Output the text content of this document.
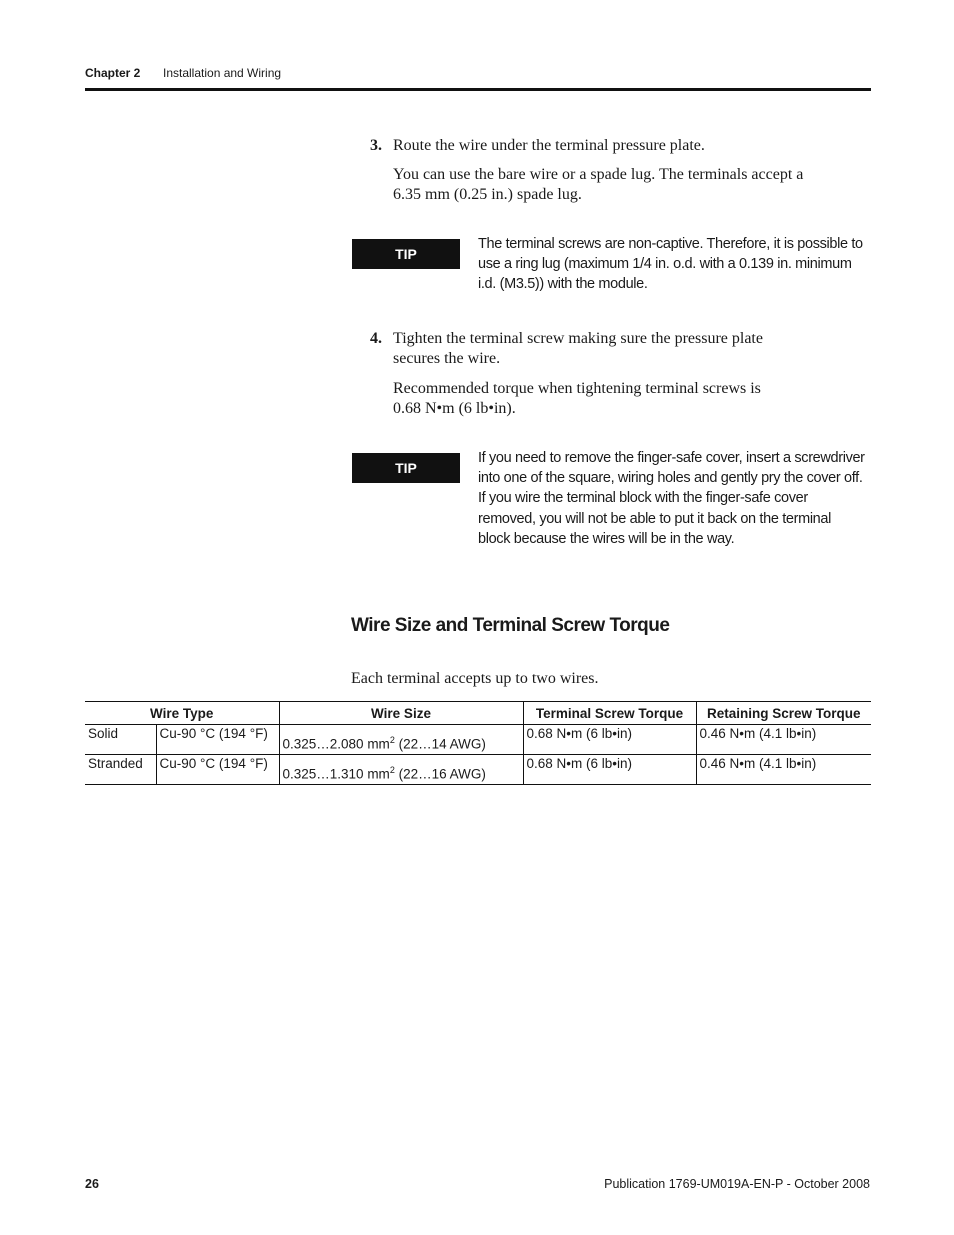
Chapter 2 Installation and Wiring
3. Route the wire under the terminal pressure plate.
You can use the bare wire or a spade lug. The terminals accept a
6.35 mm (0.25 in.) spade lug.
TIP
The terminal screws are non-captive. Therefore, it is possible to
use a ring lug (maximum 1/4 in. o.d. with a 0.139 in. minimum
i.d. (M3.5)) with the module.
4. Tighten the terminal screw making sure the pressure plate
secures the wire.
Recommended torque when tightening terminal screws is
0.68 N•m (6 lb•in).
TIP
If you need to remove the finger-safe cover, insert a screwdriver
into one of the square, wiring holes and gently pry the cover off.
If you wire the terminal block with the finger-safe cover
removed, you will not be able to put it back on the terminal
block because the wires will be in the way.
Wire Size and Terminal Screw Torque
Each terminal accepts up to two wires.
Wire Type		Wire Size	Terminal Screw Torque	Retaining Screw Torque
Solid	Cu-90 °C (194 °F)	0.325…2.080 $mm^2$ (22…14 AWG)	0.68 N•m (6 lb•in)	0.46 N•m (4.1 lb•in)
Stranded	Cu-90 °C (194 °F)	0.325…1.310 $mm^2$ (22…16 AWG)	0.68 N•m (6 lb•in)	0.46 N•m (4.1 lb•in)
26	Publication 1769-UM019A-EN-P - October 2008
